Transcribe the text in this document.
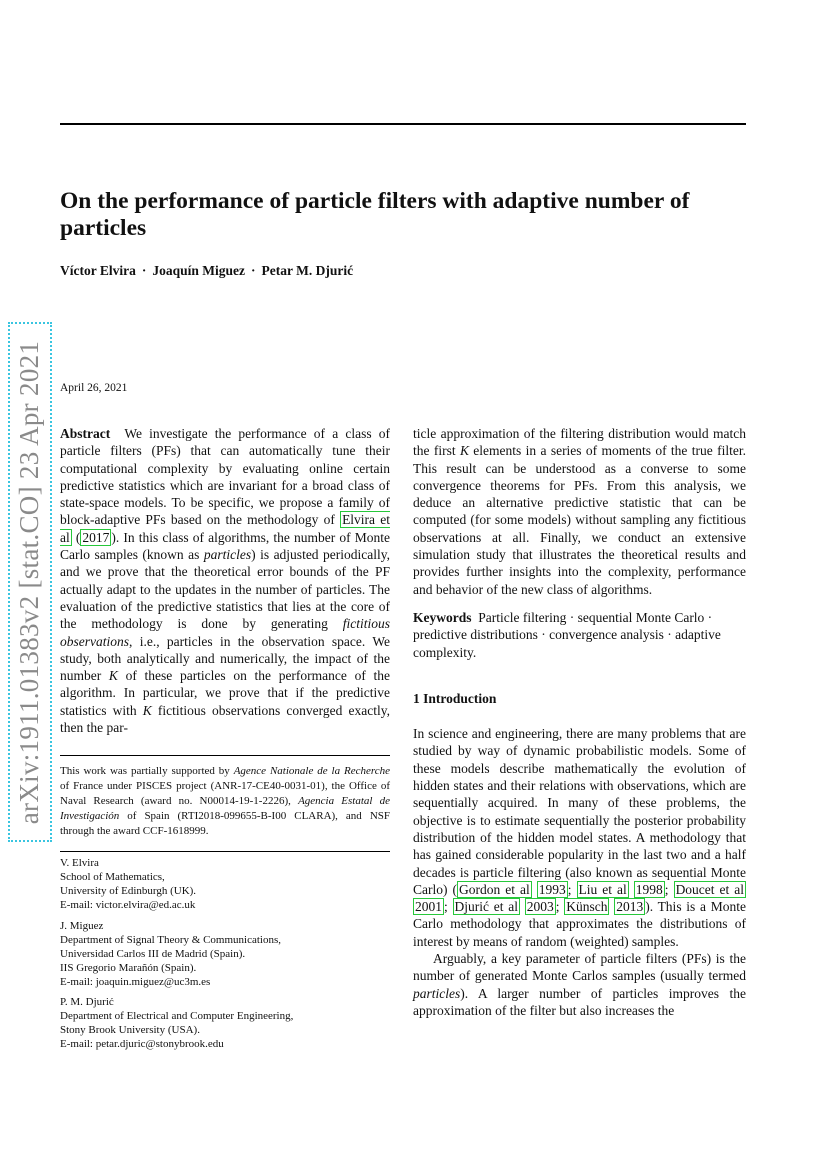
On the performance of particle filters with adaptive number of particles
Víctor Elvira · Joaquín Miguez · Petar M. Djurić
arXiv:1911.01383v2 [stat.CO] 23 Apr 2021 April 26, 2021

Abstract We investigate the performance of a class of particle filters (PFs) that can automatically tune their computational complexity by evaluating online certain predictive statistics which are invariant for a broad class of state-space models. To be specific, we propose a family of block-adaptive PFs based on the methodology of Elvira et al ( 2017 ). In this class of algorithms, the number of Monte Carlo samples (known as particles) is adjusted periodically, and we prove that the theoretical error bounds of the PF actually adapt to the updates in the number of particles. The evaluation of the predictive statistics that lies at the core of the methodology is done by generating fictitious observations, i.e., particles in the observation space. We study, both analytically and numerically, the impact of the number K of these particles on the performance of the algorithm. In particular, we prove that if the predictive statistics with K fictitious observations converged exactly, then the par-

This work was partially supported by Agence Nationale de la Recherche of France under PISCES project (ANR-17-CE40-0031-01), the Office of Naval Research (award no. N00014-19-1-2226), Agencia Estatal de Investigación of Spain (RTI2018-099655-B-I00 CLARA), and NSF through the award CCF-1618999.
V. Elvira
School of Mathematics,
University of Edinburgh (UK).
E-mail: victor.elvira@ed.ac.uk
J. Miguez
Department of Signal Theory & Communications,
Universidad Carlos III de Madrid (Spain).
IIS Gregorio Marañón (Spain).
E-mail: joaquin.miguez@uc3m.es
P. M. Djurić
Department of Electrical and Computer Engineering,
Stony Brook University (USA).
E-mail: petar.djuric@stonybrook.edu

ticle approximation of the filtering distribution would match the first K elements in a series of moments of the true filter. This result can be understood as a converse to some convergence theorems for PFs. From this analysis, we deduce an alternative predictive statistic that can be computed (for some models) without sampling any fictitious observations at all. Finally, we conduct an extensive simulation study that illustrates the theoretical results and provides further insights into the complexity, performance and behavior of the new class of algorithms.

Keywords Particle filtering · sequential Monte Carlo · predictive distributions · convergence analysis · adaptive complexity.

1 Introduction

In science and engineering, there are many problems that are studied by way of dynamic probabilistic models. Some of these models describe mathematically the evolution of hidden states and their relations with observations, which are sequentially acquired. In many of these problems, the objective is to estimate sequentially the posterior probability distribution of the hidden model states. A methodology that has gained considerable popularity in the last two and a half decades is particle filtering (also known as sequential Monte Carlo) ( Gordon et al 1993 ; Liu et al 1998 ; Doucet et al 2001 ; Djurić et al 2003 ; Künsch 2013 ). This is a Monte Carlo methodology that approximates the distributions of interest by means of random (weighted) samples.

Arguably, a key parameter of particle filters (PFs) is the number of generated Monte Carlos samples (usually termed particles). A larger number of particles improves the approximation of the filter but also increases the
